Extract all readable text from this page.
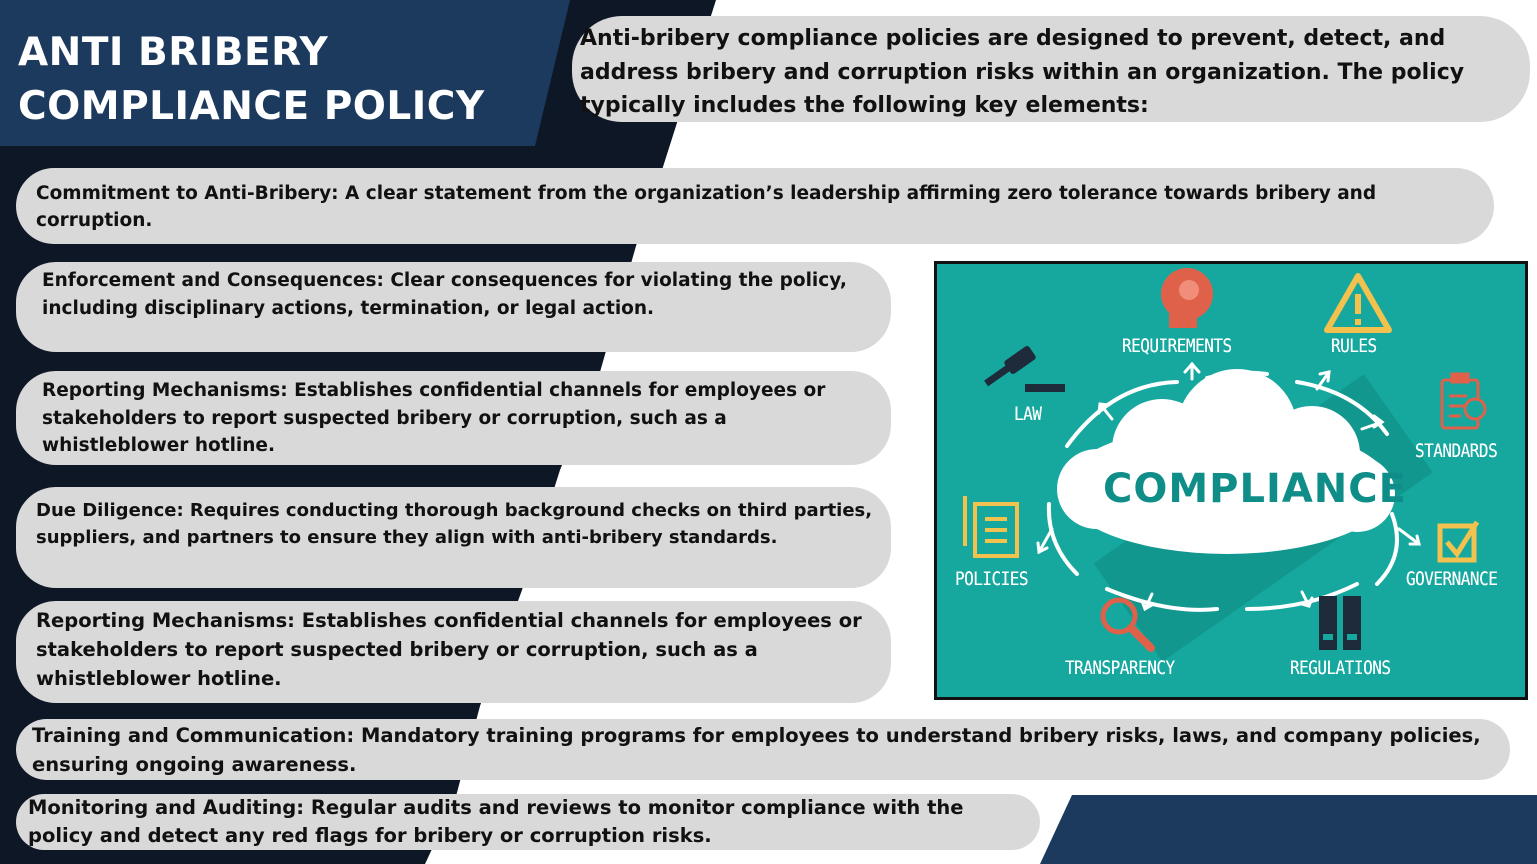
ANTI BRIBERY COMPLIANCE POLICY
Anti-bribery compliance policies are designed to prevent, detect, and address bribery and corruption risks within an organization. The policy typically includes the following key elements:
Commitment to Anti-Bribery: A clear statement from the organization’s leadership affirming zero tolerance towards bribery and corruption.
Enforcement and Consequences: Clear consequences for violating the policy, including disciplinary actions, termination, or legal action.
Reporting Mechanisms: Establishes confidential channels for employees or stakeholders to report suspected bribery or corruption, such as a whistleblower hotline.
Due Diligence: Requires conducting thorough background checks on third parties, suppliers, and partners to ensure they align with anti-bribery standards.
Reporting Mechanisms: Establishes confidential channels for employees or stakeholders to report suspected bribery or corruption, such as a whistleblower hotline.
Training and Communication: Mandatory training programs for employees to understand bribery risks, laws, and company policies, ensuring ongoing awareness.
Monitoring and Auditing: Regular audits and reviews to monitor compliance with the policy and detect any red flags for bribery or corruption risks.
COMPLIANCE
REQUIREMENTS	RULES
LAW
STANDARDS
POLICIES	GOVERNANCE
TRANSPARENCY	REGULATIONS
